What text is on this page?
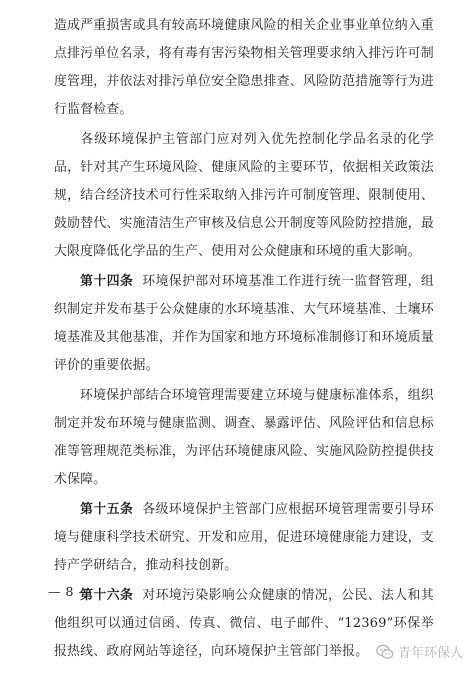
造成严重损害或具有较高环境健康风险的相关企业事业单位纳入重点排污单位名录，将有毒有害污染物相关管理要求纳入排污许可制度管理，并依法对排污单位安全隐患排查、风险防范措施等行为进行监督检查。

各级环境保护主管部门应对列入优先控制化学品名录的化学品，针对其产生环境风险、健康风险的主要环节，依据相关政策法规，结合经济技术可行性采取纳入排污许可制度管理、限制使用、鼓励替代、实施清洁生产审核及信息公开制度等风险防控措施，最大限度降低化学品的生产、使用对公众健康和环境的重大影响。

第十四条 环境保护部对环境基准工作进行统一监督管理，组织制定并发布基于公众健康的水环境基准、大气环境基准、土壤环境基准及其他基准，并作为国家和地方环境标准制修订和环境质量评价的重要依据。

环境保护部结合环境管理需要建立环境与健康标准体系，组织制定并发布环境与健康监测、调查、暴露评估、风险评估和信息标准等管理规范类标准，为评估环境健康风险、实施风险防控提供技术保障。

第十五条 各级环境保护主管部门应根据环境管理需要引导环境与健康科学技术研究、开发和应用，促进环境健康能力建设，支持产学研结合，推动科技创新。

第十六条 对环境污染影响公众健康的情况，公民、法人和其他组织可以通过信函、传真、微信、电子邮件、“12369”环保举报热线、政府网站等途径，向环境保护主管部门举报。

— 8 —
青年环保人
